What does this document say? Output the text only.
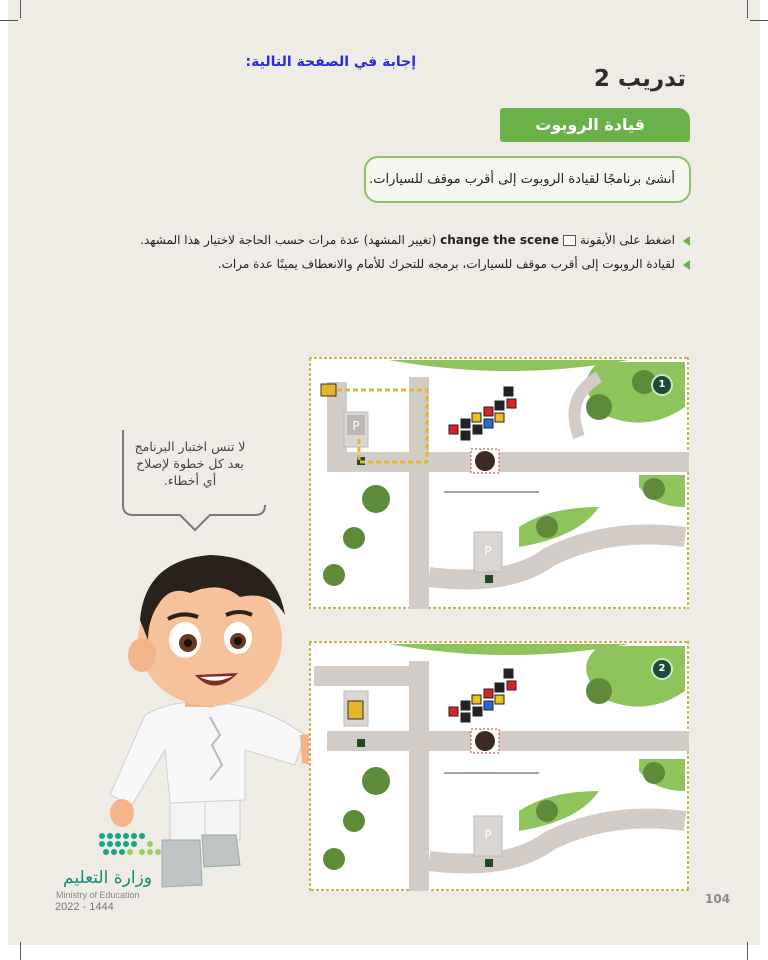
إجابة في الصفحة التالية:
تدريب 2
قيادة الروبوت
أنشئ برنامجًا لقيادة الروبوت إلى أقرب موقف للسيارات.
اضغط على الأيقونةchange the scene (تغيير المشهد) عدة مرات حسب الحاجة لاختيار هذا المشهد.
لقيادة الروبوت إلى أقرب موقف للسيارات، برمجه للتحرك للأمام والانعطاف يمينًا عدة مرات.
لا تنس اختبار البرنامج
بعد كل خطوة لإصلاح
أي أخطاء.
وزارة التعليم
Ministry of Education
2022 - 1444
104
P
P
1
P
2
